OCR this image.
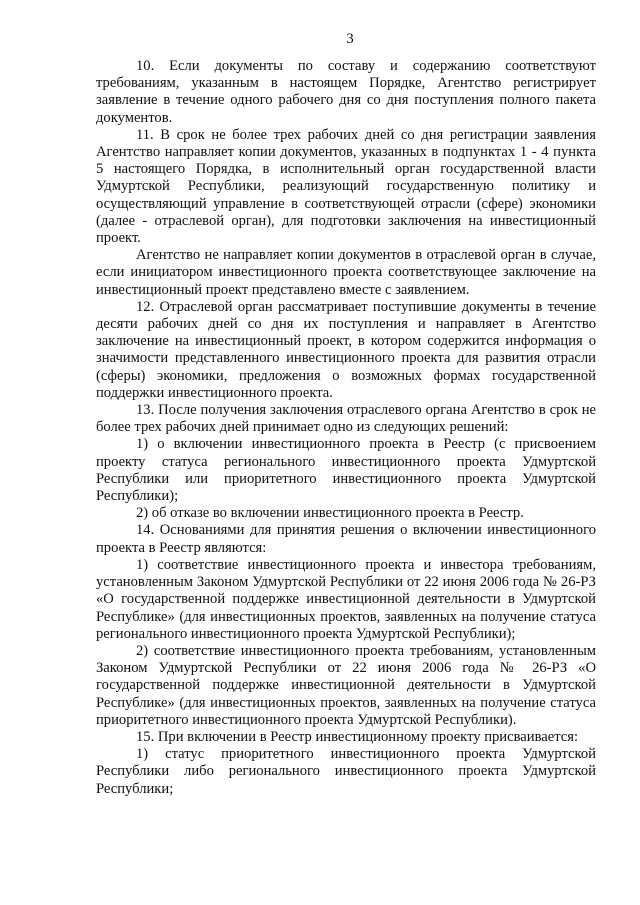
3

10. Если документы по составу и содержанию соответствуют требованиям, указанным в настоящем Порядке, Агентство регистрирует заявление в течение одного рабочего дня со дня поступления полного пакета документов.

11. В срок не более трех рабочих дней со дня регистрации заявления Агентство направляет копии документов, указанных в подпунктах 1 - 4 пункта 5 настоящего Порядка, в исполнительный орган государственной власти Удмуртской Республики, реализующий государственную политику и осуществляющий управление в соответствующей отрасли (сфере) экономики (далее - отраслевой орган), для подготовки заключения на инвестиционный проект.

Агентство не направляет копии документов в отраслевой орган в случае, если инициатором инвестиционного проекта соответствующее заключение на инвестиционный проект представлено вместе с заявлением.

12. Отраслевой орган рассматривает поступившие документы в течение десяти рабочих дней со дня их поступления и направляет в Агентство заключение на инвестиционный проект, в котором содержится информация о значимости представленного инвестиционного проекта для развития отрасли (сферы) экономики, предложения о возможных формах государственной поддержки инвестиционного проекта.

13. После получения заключения отраслевого органа Агентство в срок не более трех рабочих дней принимает одно из следующих решений:

1) о включении инвестиционного проекта в Реестр (с присвоением проекту статуса регионального инвестиционного проекта Удмуртской Республики или приоритетного инвестиционного проекта Удмуртской Республики);

2) об отказе во включении инвестиционного проекта в Реестр.

14. Основаниями для принятия решения о включении инвестиционного проекта в Реестр являются:

1) соответствие инвестиционного проекта и инвестора требованиям, установленным Законом Удмуртской Республики от 22 июня 2006 года № 26-РЗ «О государственной поддержке инвестиционной деятельности в Удмуртской Республике» (для инвестиционных проектов, заявленных на получение статуса регионального инвестиционного проекта Удмуртской Республики);

2) соответствие инвестиционного проекта требованиям, установленным Законом Удмуртской Республики от 22 июня 2006 года № 26-РЗ «О государственной поддержке инвестиционной деятельности в Удмуртской Республике» (для инвестиционных проектов, заявленных на получение статуса приоритетного инвестиционного проекта Удмуртской Республики).

15. При включении в Реестр инвестиционному проекту присваивается:

1) статус приоритетного инвестиционного проекта Удмуртской Республики либо регионального инвестиционного проекта Удмуртской Республики;
